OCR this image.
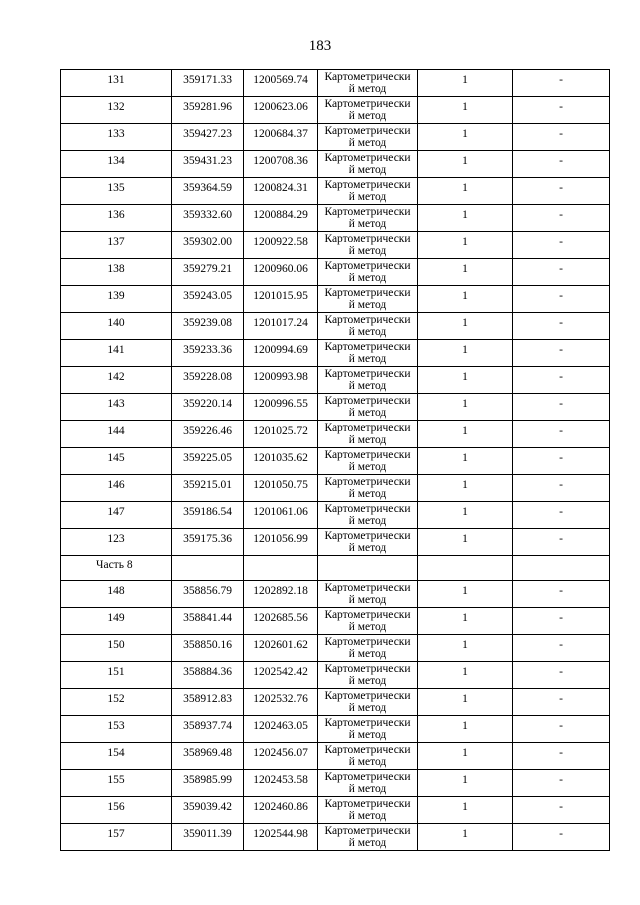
183
131	359171.33	1200569.74	Картометрически
й метод	1	-

132	359281.96	1200623.06	Картометрически
й метод	1	-

133	359427.23	1200684.37	Картометрически
й метод	1	-

134	359431.23	1200708.36	Картометрически
й метод	1	-

135	359364.59	1200824.31	Картометрически
й метод	1	-

136	359332.60	1200884.29	Картометрически
й метод	1	-

137	359302.00	1200922.58	Картометрически
й метод	1	-

138	359279.21	1200960.06	Картометрически
й метод	1	-

139	359243.05	1201015.95	Картометрически
й метод	1	-

140	359239.08	1201017.24	Картометрически
й метод	1	-

141	359233.36	1200994.69	Картометрически
й метод	1	-

142	359228.08	1200993.98	Картометрически
й метод	1	-

143	359220.14	1200996.55	Картометрически
й метод	1	-

144	359226.46	1201025.72	Картометрически
й метод	1	-

145	359225.05	1201035.62	Картометрически
й метод	1	-

146	359215.01	1201050.75	Картометрически
й метод	1	-

147	359186.54	1201061.06	Картометрически
й метод	1	-

123	359175.36	1201056.99	Картометрически
й метод	1	-

Часть 8					

148	358856.79	1202892.18	Картометрически
й метод	1	-

149	358841.44	1202685.56	Картометрически
й метод	1	-

150	358850.16	1202601.62	Картометрически
й метод	1	-

151	358884.36	1202542.42	Картометрически
й метод	1	-

152	358912.83	1202532.76	Картометрически
й метод	1	-

153	358937.74	1202463.05	Картометрически
й метод	1	-

154	358969.48	1202456.07	Картометрически
й метод	1	-

155	358985.99	1202453.58	Картометрически
й метод	1	-

156	359039.42	1202460.86	Картометрически
й метод	1	-

157	359011.39	1202544.98	Картометрически
й метод	1	-
